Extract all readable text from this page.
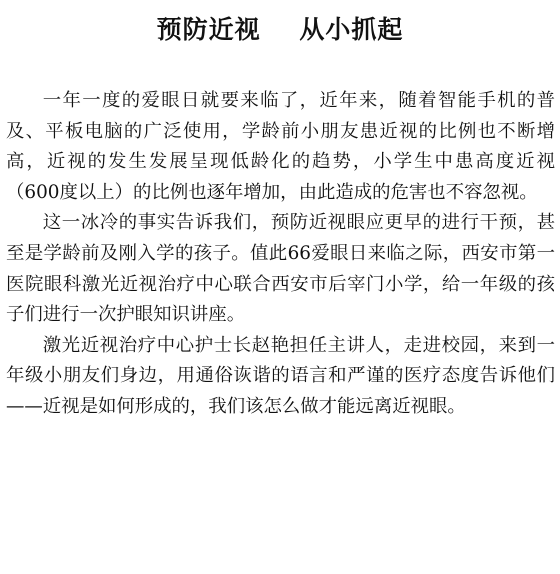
预防近视    从小抓起

一年一度的爱眼日就要来临了，近年来，随着智能手机的普及、平板电脑的广泛使用，学龄前小朋友患近视的比例也不断增高，近视的发生发展呈现低龄化的趋势，小学生中患高度近视（600度以上）的比例也逐年增加，由此造成的危害也不容忽视。

这一冰冷的事实告诉我们，预防近视眼应更早的进行干预，甚至是学龄前及刚入学的孩子。值此66爱眼日来临之际，西安市第一医院眼科激光近视治疗中心联合西安市后宰门小学，给一年级的孩子们进行一次护眼知识讲座。

激光近视治疗中心护士长赵艳担任主讲人，走进校园，来到一年级小朋友们身边，用通俗诙谐的语言和严谨的医疗态度告诉他们——近视是如何形成的，我们该怎么做才能远离近视眼。
